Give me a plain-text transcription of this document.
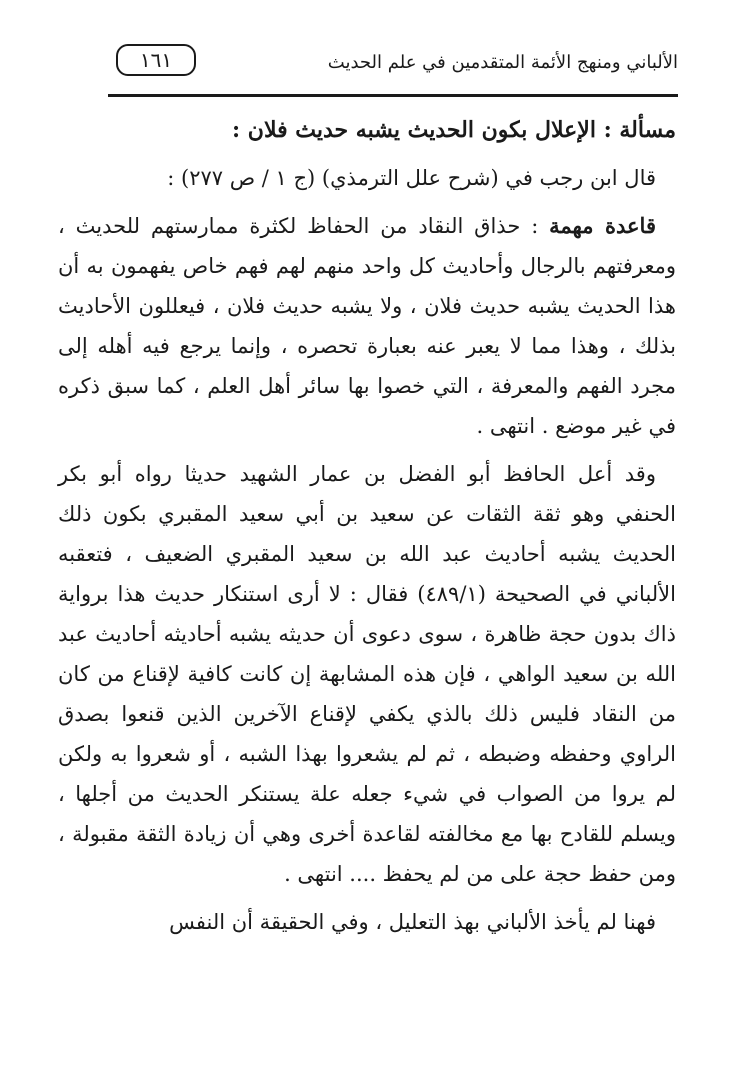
١٦١	الألباني ومنهج الأئمة المتقدمين في علم الحديث

مسألة : الإعلال بكون الحديث يشبه حديث فلان :

قال ابن رجب في (شرح علل الترمذي) (ج ١ / ص ٢٧٧) :

قاعدة مهمة : حذاق النقاد من الحفاظ لكثرة ممارستهم للحديث ، ومعرفتهم بالرجال وأحاديث كل واحد منهم لهم فهم خاص يفهمون به أن هذا الحديث يشبه حديث فلان ، ولا يشبه حديث فلان ، فيعللون الأحاديث بذلك ، وهذا مما لا يعبر عنه بعبارة تحصره ، وإنما يرجع فيه أهله إلى مجرد الفهم والمعرفة ، التي خصوا بها سائر أهل العلم ، كما سبق ذكره في غير موضع . انتهى .

وقد أعل الحافظ أبو الفضل بن عمار الشهيد حديثا رواه أبو بكر الحنفي وهو ثقة الثقات عن سعيد بن أبي سعيد المقبري بكون ذلك الحديث يشبه أحاديث عبد الله بن سعيد المقبري الضعيف ، فتعقبه الألباني في الصحيحة (٤٨٩/١) فقال : لا أرى استنكار حديث هذا برواية ذاك بدون حجة ظاهرة ، سوى دعوى أن حديثه يشبه أحاديثه أحاديث عبد الله بن سعيد الواهي ، فإن هذه المشابهة إن كانت كافية لإقناع من كان من النقاد فليس ذلك بالذي يكفي لإقناع الآخرين الذين قنعوا بصدق الراوي وحفظه وضبطه ، ثم لم يشعروا بهذا الشبه ، أو شعروا به ولكن لم يروا من الصواب في شيء جعله علة يستنكر الحديث من أجلها ، ويسلم للقادح بها مع مخالفته لقاعدة أخرى وهي أن زيادة الثقة مقبولة ، ومن حفظ حجة على من لم يحفظ .... انتهى .

فهنا لم يأخذ الألباني بهذ التعليل ، وفي الحقيقة أن النفس
